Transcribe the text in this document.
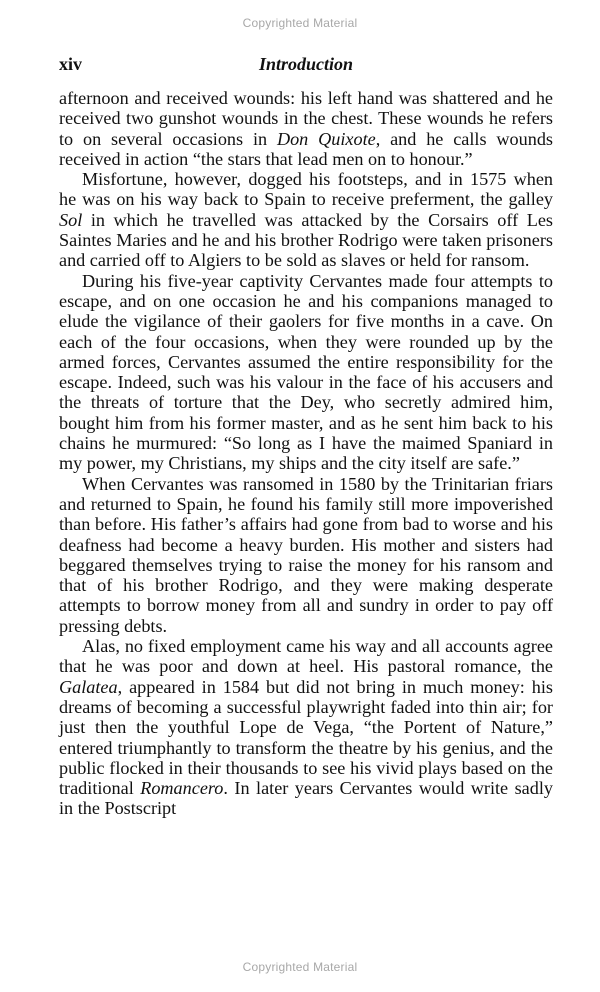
Copyrighted Material
xiv	Introduction

afternoon and received wounds: his left hand was shattered and he received two gunshot wounds in the chest. These wounds he refers to on several occasions in Don Quixote, and he calls wounds received in action “the stars that lead men on to honour.”

Misfortune, however, dogged his footsteps, and in 1575 when he was on his way back to Spain to receive preferment, the galley Sol in which he travelled was attacked by the Corsairs off Les Saintes Maries and he and his brother Rodrigo were taken prisoners and carried off to Algiers to be sold as slaves or held for ransom.

During his five-year captivity Cervantes made four attempts to escape, and on one occasion he and his companions managed to elude the vigilance of their gaolers for five months in a cave. On each of the four occasions, when they were rounded up by the armed forces, Cervantes assumed the entire responsibility for the escape. Indeed, such was his valour in the face of his accusers and the threats of torture that the Dey, who secretly admired him, bought him from his former master, and as he sent him back to his chains he murmured: “So long as I have the maimed Spaniard in my power, my Christians, my ships and the city itself are safe.”

When Cervantes was ransomed in 1580 by the Trinitarian friars and returned to Spain, he found his family still more impoverished than before. His father’s affairs had gone from bad to worse and his deafness had become a heavy burden. His mother and sisters had beggared themselves trying to raise the money for his ransom and that of his brother Rodrigo, and they were making desperate attempts to borrow money from all and sundry in order to pay off pressing debts.

Alas, no fixed employment came his way and all accounts agree that he was poor and down at heel. His pastoral romance, the Galatea, appeared in 1584 but did not bring in much money: his dreams of becoming a successful playwright faded into thin air; for just then the youthful Lope de Vega, “the Portent of Nature,” entered triumphantly to transform the theatre by his genius, and the public flocked in their thousands to see his vivid plays based on the traditional Romancero. In later years Cervantes would write sadly in the Postscript

Copyrighted Material
